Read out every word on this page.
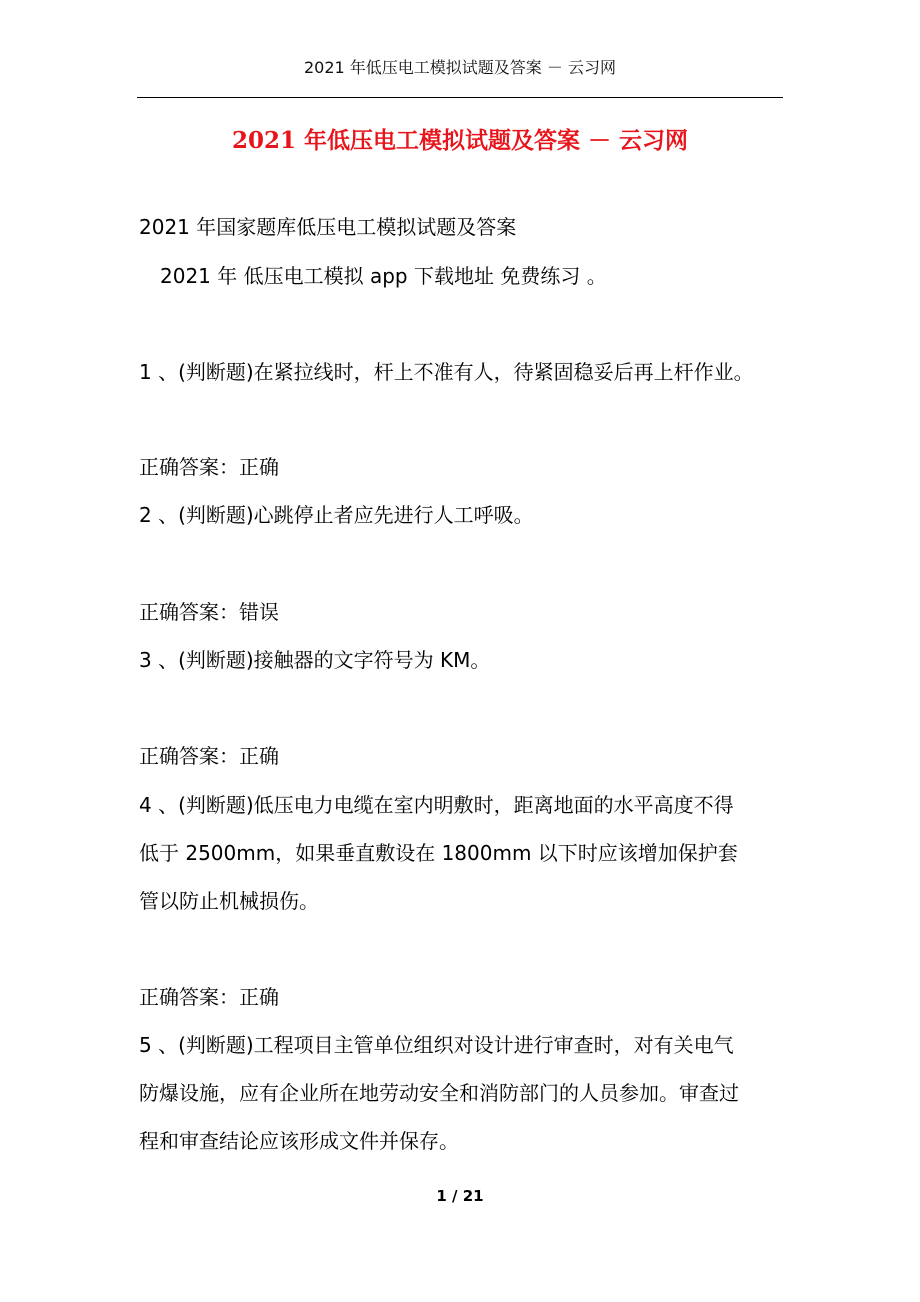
2021 年低压电工模拟试题及答案 － 云习网
2021 年低压电工模拟试题及答案 － 云习网
2021 年国家题库低压电工模拟试题及答案
2021 年 低压电工模拟 app 下载地址 免费练习 。
1 、(判断题)在紧拉线时，杆上不准有人，待紧固稳妥后再上杆作业。
正确答案：正确
2 、(判断题)心跳停止者应先进行人工呼吸。
正确答案：错误
3 、(判断题)接触器的文字符号为 KM。
正确答案：正确
4 、(判断题)低压电力电缆在室内明敷时，距离地面的水平高度不得
低于 2500mm，如果垂直敷设在 1800mm 以下时应该增加保护套
管以防止机械损伤。
正确答案：正确
5 、(判断题)工程项目主管单位组织对设计进行审查时，对有关电气
防爆设施，应有企业所在地劳动安全和消防部门的人员参加。审查过
程和审查结论应该形成文件并保存。
1 / 21
